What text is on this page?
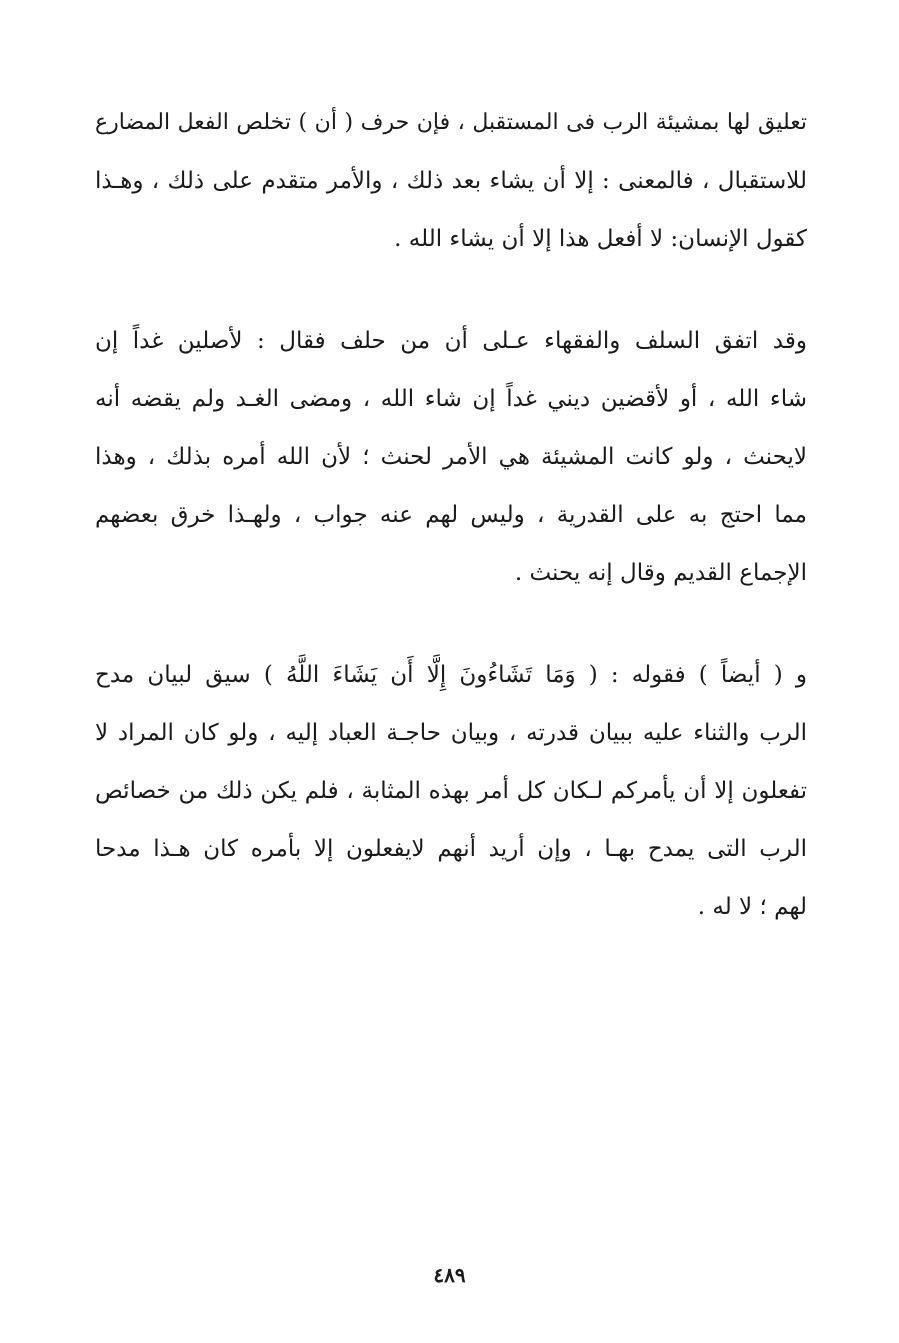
تعليق لها بمشيئة الرب فى المستقبل ، فإن حرف ( أن ) تخلص الفعل المضارع
للاستقبال ، فالمعنى : إلا أن يشاء بعد ذلك ، والأمر متقدم على ذلك ، وهـذا
كقول الإنسان: لا أفعل هذا إلا أن يشاء الله .
وقد اتفق السلف والفقهاء عـلى أن من حلف فقال : لأصلين غداً إن
شاء الله ، أو لأقضين ديني غداً إن شاء الله ، ومضى الغـد ولم يقضه أنه
لايحنث ، ولو كانت المشيئة هي الأمر لحنث ؛ لأن الله أمره بذلك ، وهذا
مما احتج به على القدرية ، وليس لهم عنه جواب ، ولهـذا خرق بعضهم
الإجماع القديم وقال إنه يحنث .
و ( أيضاً ) فقوله : ( وَمَا تَشَاءُونَ إِلَّا أَن يَشَاءَ اللَّهُ ) سيق لبيان مدح
الرب والثناء عليه ببيان قدرته ، وبيان حاجـة العباد إليه ، ولو كان المراد لا
تفعلون إلا أن يأمركم لـكان كل أمر بهذه المثابة ، فلم يكن ذلك من خصائص
الرب التى يمدح بهـا ، وإن أريد أنهم لايفعلون إلا بأمره كان هـذا مدحا
لهم ؛ لا له .
٤٨٩
